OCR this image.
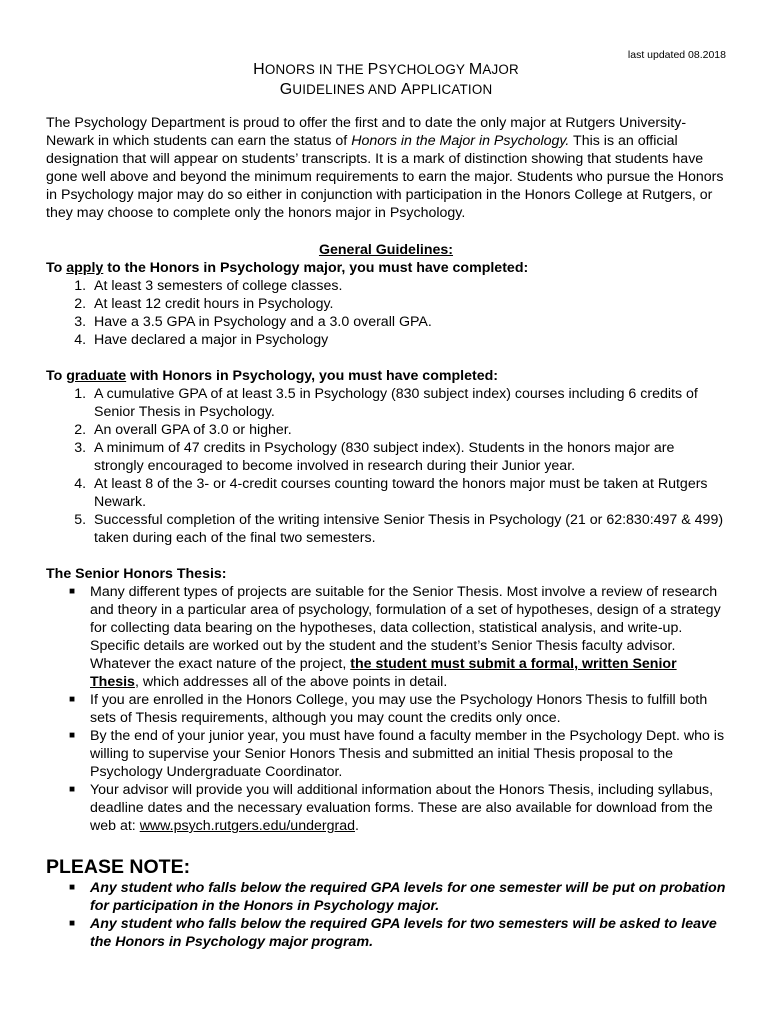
last updated 08.2018
HONORS IN THE PSYCHOLOGY MAJOR
GUIDELINES AND APPLICATION

The Psychology Department is proud to offer the first and to date the only major at Rutgers University-Newark in which students can earn the status of Honors in the Major in Psychology. This is an official designation that will appear on students’ transcripts. It is a mark of distinction showing that students have gone well above and beyond the minimum requirements to earn the major. Students who pursue the Honors in Psychology major may do so either in conjunction with participation in the Honors College at Rutgers, or they may choose to complete only the honors major in Psychology.

General Guidelines:
To apply to the Honors in Psychology major, you must have completed:
1. At least 3 semesters of college classes.
2. At least 12 credit hours in Psychology.
3. Have a 3.5 GPA in Psychology and a 3.0 overall GPA.
4. Have declared a major in Psychology
To graduate with Honors in Psychology, you must have completed:
1. A cumulative GPA of at least 3.5 in Psychology (830 subject index) courses including 6 credits of Senior Thesis in Psychology.
2. An overall GPA of 3.0 or higher.
3. A minimum of 47 credits in Psychology (830 subject index). Students in the honors major are strongly encouraged to become involved in research during their Junior year.
4. At least 8 of the 3- or 4-credit courses counting toward the honors major must be taken at Rutgers Newark.
5. Successful completion of the writing intensive Senior Thesis in Psychology (21 or 62:830:497 & 499) taken during each of the final two semesters.
The Senior Honors Thesis:
■ Many different types of projects are suitable for the Senior Thesis. Most involve a review of research and theory in a particular area of psychology, formulation of a set of hypotheses, design of a strategy for collecting data bearing on the hypotheses, data collection, statistical analysis, and write-up. Specific details are worked out by the student and the student’s Senior Thesis faculty advisor. Whatever the exact nature of the project, the student must submit a formal, written Senior Thesis, which addresses all of the above points in detail.
■ If you are enrolled in the Honors College, you may use the Psychology Honors Thesis to fulfill both sets of Thesis requirements, although you may count the credits only once.
■ By the end of your junior year, you must have found a faculty member in the Psychology Dept. who is willing to supervise your Senior Honors Thesis and submitted an initial Thesis proposal to the Psychology Undergraduate Coordinator.
■ Your advisor will provide you will additional information about the Honors Thesis, including syllabus, deadline dates and the necessary evaluation forms. These are also available for download from the web at: www.psych.rutgers.edu/undergrad.
PLEASE NOTE:
■ Any student who falls below the required GPA levels for one semester will be put on probation for participation in the Honors in Psychology major.
■ Any student who falls below the required GPA levels for two semesters will be asked to leave the Honors in Psychology major program.
